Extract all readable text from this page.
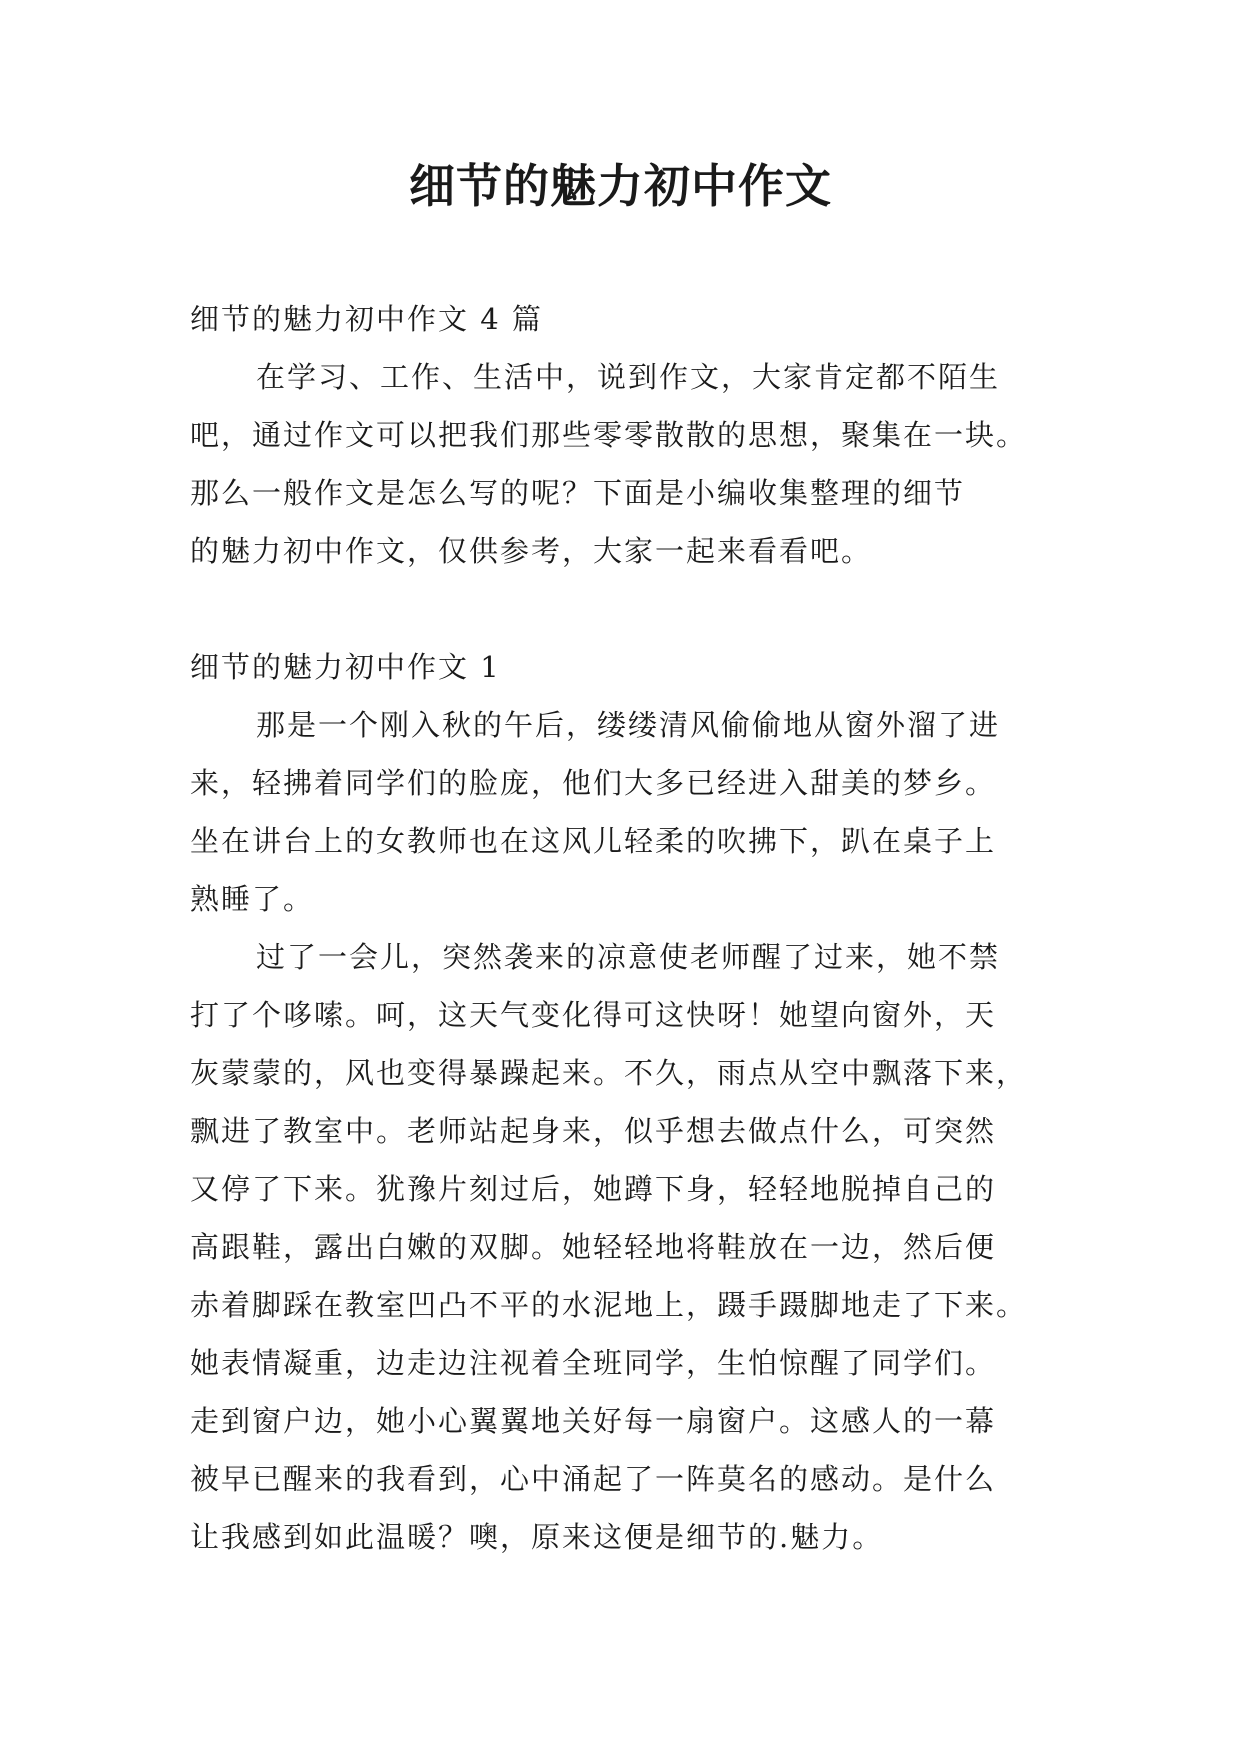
细节的魅力初中作文
细节的魅力初中作文 4 篇
在学习、工作、生活中，说到作文，大家肯定都不陌生
吧，通过作文可以把我们那些零零散散的思想，聚集在一块。
那么一般作文是怎么写的呢？下面是小编收集整理的细节
的魅力初中作文，仅供参考，大家一起来看看吧。
细节的魅力初中作文 1
那是一个刚入秋的午后，缕缕清风偷偷地从窗外溜了进
来，轻拂着同学们的脸庞，他们大多已经进入甜美的梦乡。
坐在讲台上的女教师也在这风儿轻柔的吹拂下，趴在桌子上
熟睡了。
过了一会儿，突然袭来的凉意使老师醒了过来，她不禁
打了个哆嗦。呵，这天气变化得可这快呀！她望向窗外，天
灰蒙蒙的，风也变得暴躁起来。不久，雨点从空中飘落下来，
飘进了教室中。老师站起身来，似乎想去做点什么，可突然
又停了下来。犹豫片刻过后，她蹲下身，轻轻地脱掉自己的
高跟鞋，露出白嫩的双脚。她轻轻地将鞋放在一边，然后便
赤着脚踩在教室凹凸不平的水泥地上，蹑手蹑脚地走了下来。
她表情凝重，边走边注视着全班同学，生怕惊醒了同学们。
走到窗户边，她小心翼翼地关好每一扇窗户。这感人的一幕
被早已醒来的我看到，心中涌起了一阵莫名的感动。是什么
让我感到如此温暖？噢，原来这便是细节的.魅力。
